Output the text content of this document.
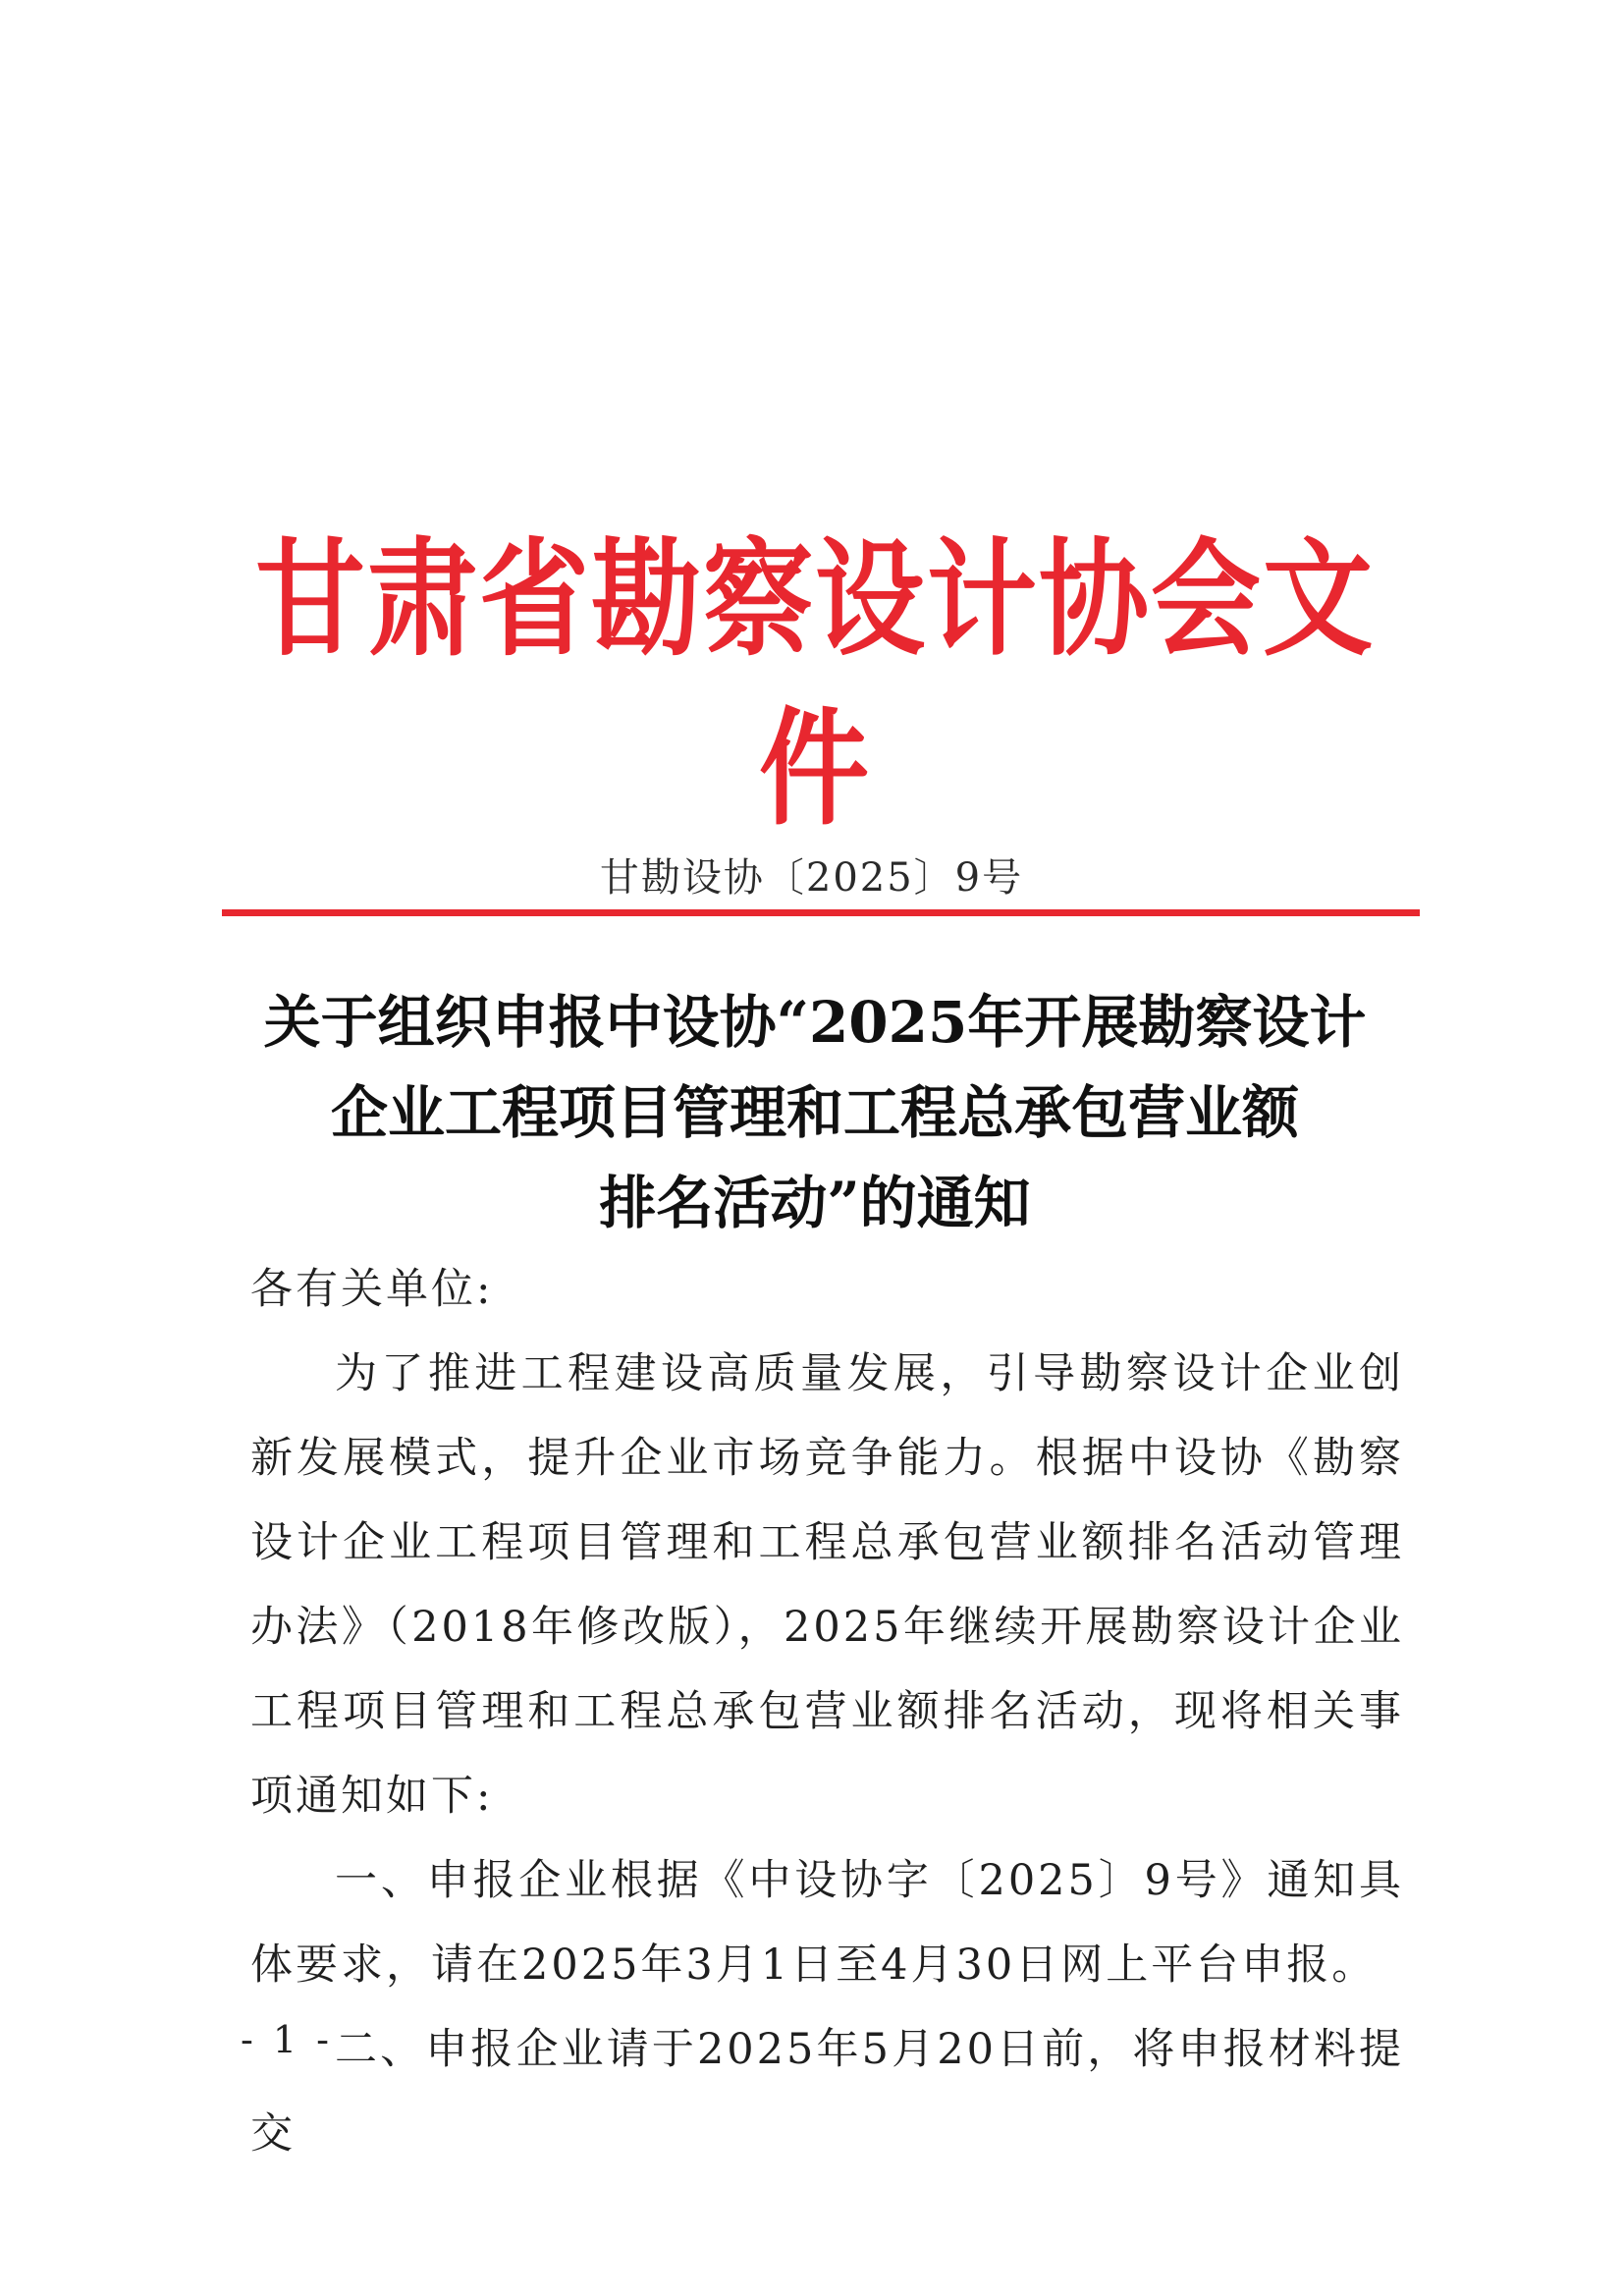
甘肃省勘察设计协会文件
甘勘设协〔2025〕9号
关于组织申报中设协“2025年开展勘察设计
企业工程项目管理和工程总承包营业额
排名活动”的通知

各有关单位:

为了推进工程建设高质量发展，引导勘察设计企业创新发展模式，提升企业市场竞争能力。根据中设协《勘察设计企业工程项目管理和工程总承包营业额排名活动管理办法》（2018年修改版），2025年继续开展勘察设计企业工程项目管理和工程总承包营业额排名活动，现将相关事项通知如下:

一、申报企业根据《中设协字〔2025〕9号》通知具体要求，请在2025年3月1日至4月30日网上平台申报。

二、申报企业请于2025年5月20日前，将申报材料提交

- 1 -
